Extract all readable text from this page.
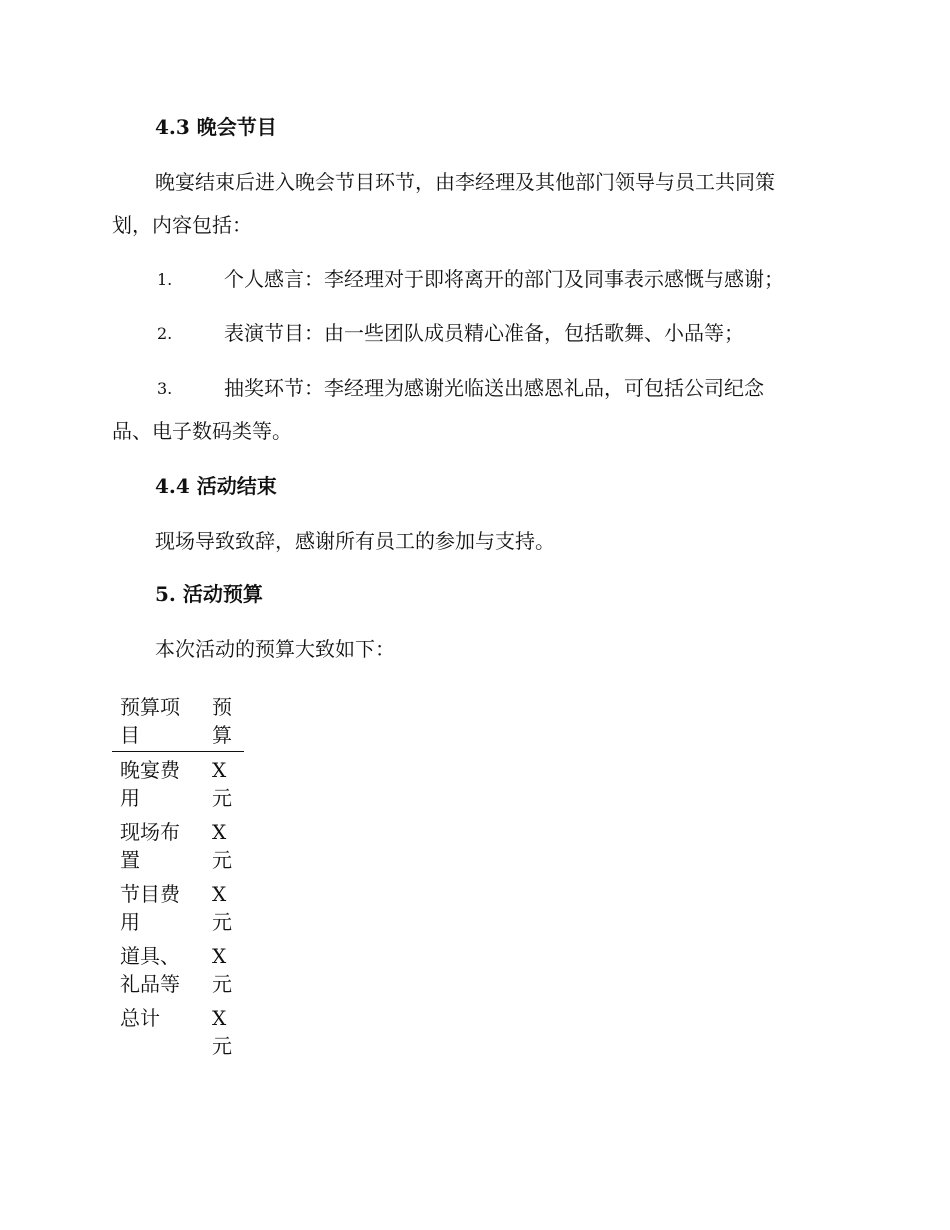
4.3 晚会节目
晚宴结束后进入晚会节目环节，由李经理及其他部门领导与员工共同策
划，内容包括：
1.	个人感言：李经理对于即将离开的部门及同事表示感慨与感谢；
2.	表演节目：由一些团队成员精心准备，包括歌舞、小品等；
3.	抽奖环节：李经理为感谢光临送出感恩礼品，可包括公司纪念
品、电子数码类等。
4.4 活动结束
现场导致致辞，感谢所有员工的参加与支持。
5. 活动预算
本次活动的预算大致如下：
预算项目	预算

晚宴费用	X 元

现场布置	X 元

节目费用	X 元

道具、礼品等	X 元

总计	X 元
